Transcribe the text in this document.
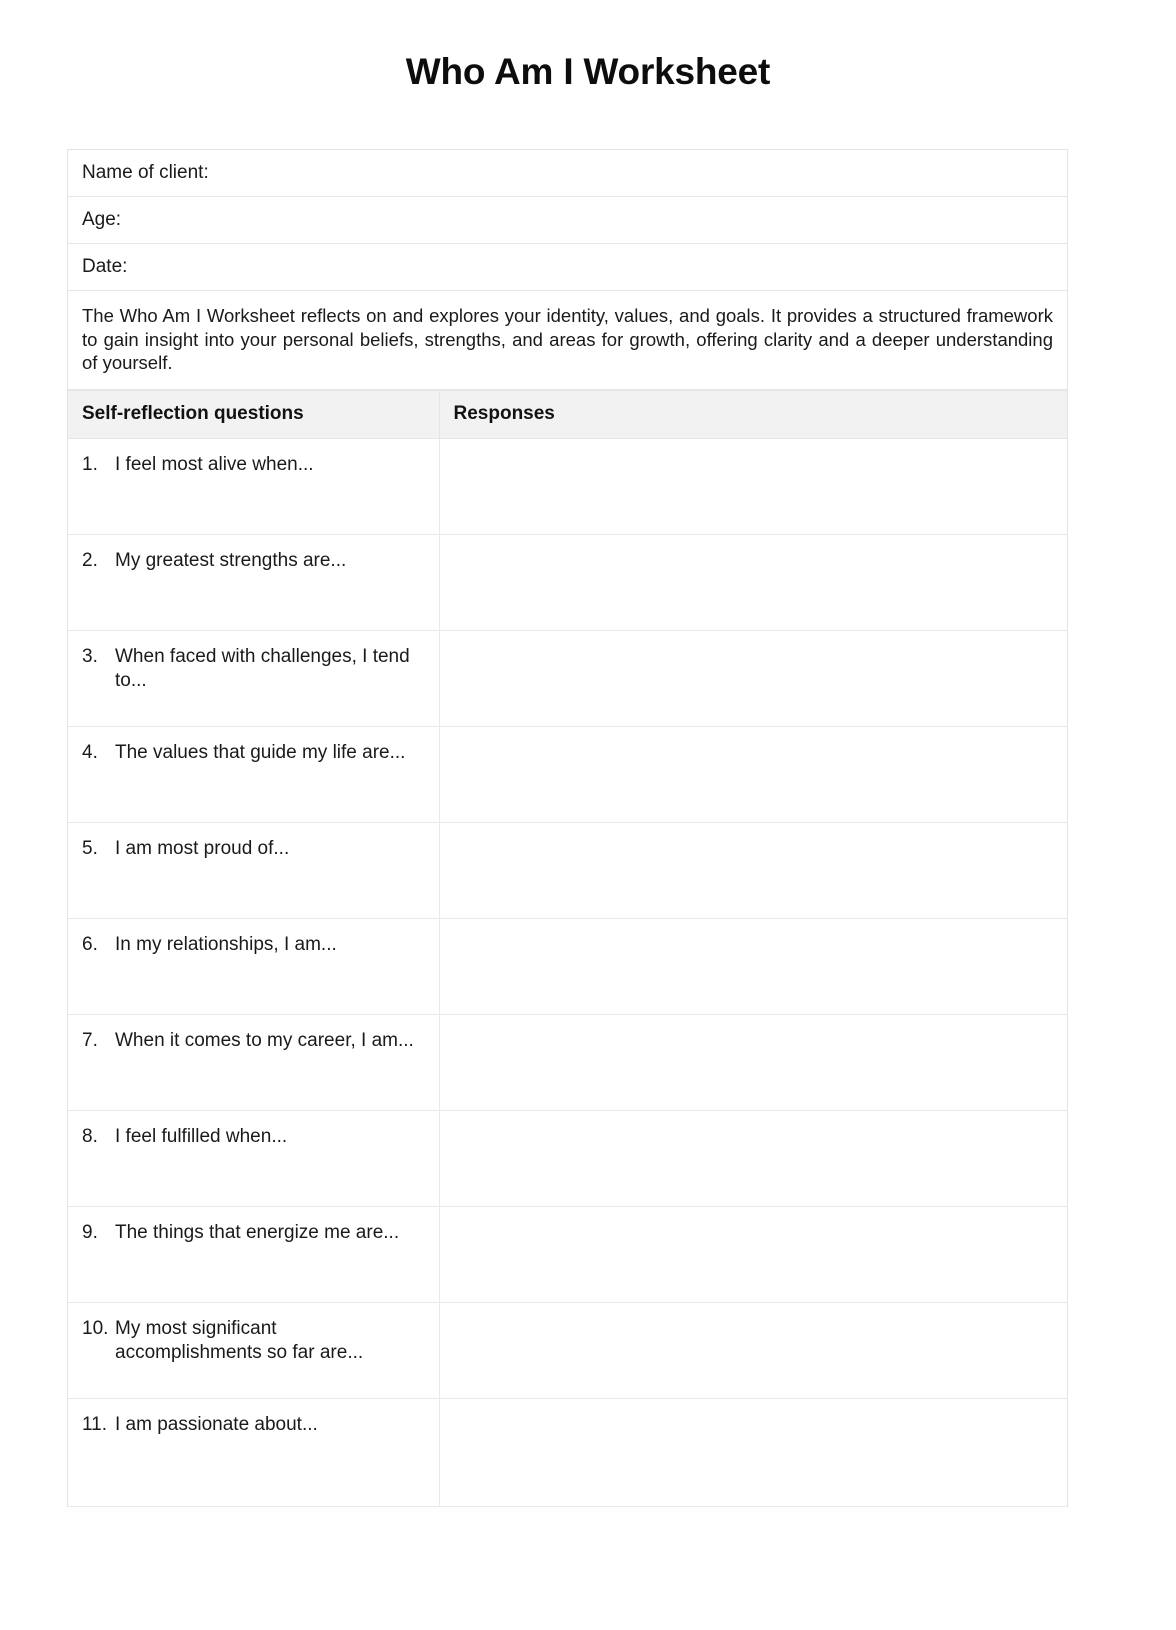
Who Am I Worksheet
Name of client:
Age:
Date:

The Who Am I Worksheet reflects on and explores your identity, values, and goals. It provides a structured framework to gain insight into your personal beliefs, strengths, and areas for growth, offering clarity and a deeper understanding of yourself.

Self-reflection questions	Responses

1. I feel most alive when...	

2. My greatest strengths are...	

3. When faced with challenges, I tend to...	

4. The values that guide my life are...	

5. I am most proud of...	

6. In my relationships, I am...	

7. When it comes to my career, I am...	

8. I feel fulfilled when...	

9. The things that energize me are...	

10. My most significant accomplishments so far are...	

11. I am passionate about...	
